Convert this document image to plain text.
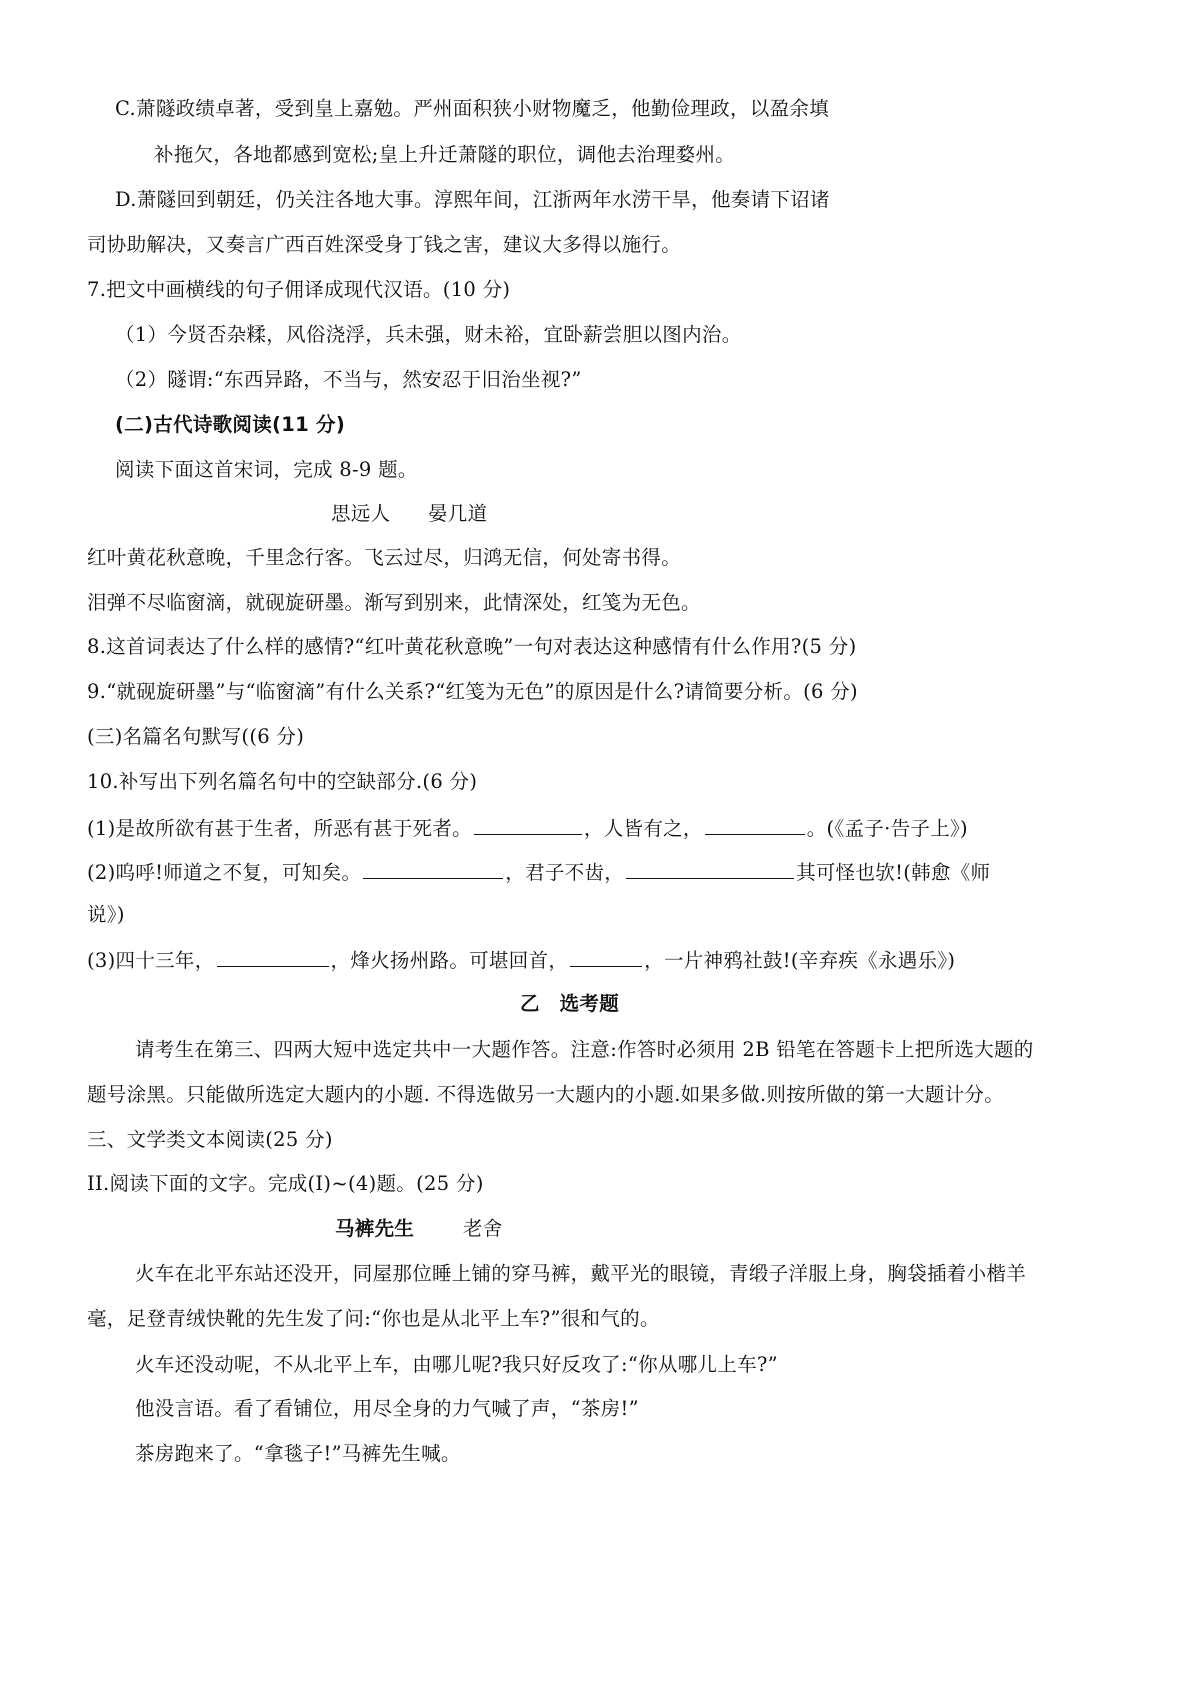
C.萧隧政绩卓著，受到皇上嘉勉。严州面积狭小财物魔乏，他勤俭理政，以盈余填
补拖欠，各地都感到宽松;皇上升迁萧隧的职位，调他去治理婺州。
D.萧隧回到朝廷，仍关注各地大事。淳熙年间，江浙两年水涝干旱，他奏请下诏诸
司协助解决，又奏言广西百姓深受身丁钱之害，建议大多得以施行。
7.把文中画横线的句子佣译成现代汉语。(10 分)
（1）今贤否杂糅，风俗浇浮，兵未强，财未裕，宜卧薪尝胆以图内治。
（2）隧谓:“东西异路，不当与，然安忍于旧治坐视?”
(二)古代诗歌阅读(11 分)
阅读下面这首宋词，完成 8-9 题。
思远人 晏几道
红叶黄花秋意晚，千里念行客。飞云过尽，归鸿无信，何处寄书得。
泪弹不尽临窗滴，就砚旋研墨。渐写到别来，此情深处，红笺为无色。
8.这首词表达了什么样的感情?“红叶黄花秋意晚”一句对表达这种感情有什么作用?(5 分)
9.“就砚旋研墨”与“临窗滴”有什么关系?“红笺为无色”的原因是什么?请简要分析。(6 分)
(三)名篇名句默写((6 分)
10.补写出下列名篇名句中的空缺部分.(6 分)
(1)是故所欲有甚于生者，所恶有甚于死者。	，人皆有之，	。(《孟子·告子上》)
(2)呜呼!师道之不复，可知矣。	，君子不齿，	其可怪也欤!(韩愈《师
说》)
(3)四十三年，	，烽火扬州路。可堪回首，	，一片神鸦社鼓!(辛弃疾《永遇乐》)
乙　选考题
请考生在第三、四两大短中选定共中一大题作答。注意:作答时必须用 2B 铅笔在答题卡上把所选大题的
题号涂黑。只能做所选定大题内的小题. 不得选做另一大题内的小题.如果多做.则按所做的第一大题计分。
三、文学类文本阅读(25 分)
II.阅读下面的文字。完成(I)~(4)题。(25 分)
马裤先生	老舍
火车在北平东站还没开，同屋那位睡上铺的穿马裤，戴平光的眼镜，青缎子洋服上身，胸袋插着小楷羊
毫，足登青绒快靴的先生发了问:“你也是从北平上车?”很和气的。
火车还没动呢，不从北平上车，由哪儿呢?我只好反攻了:“你从哪儿上车?”
他没言语。看了看铺位，用尽全身的力气喊了声，“茶房!”
茶房跑来了。“拿毯子!”马裤先生喊。
